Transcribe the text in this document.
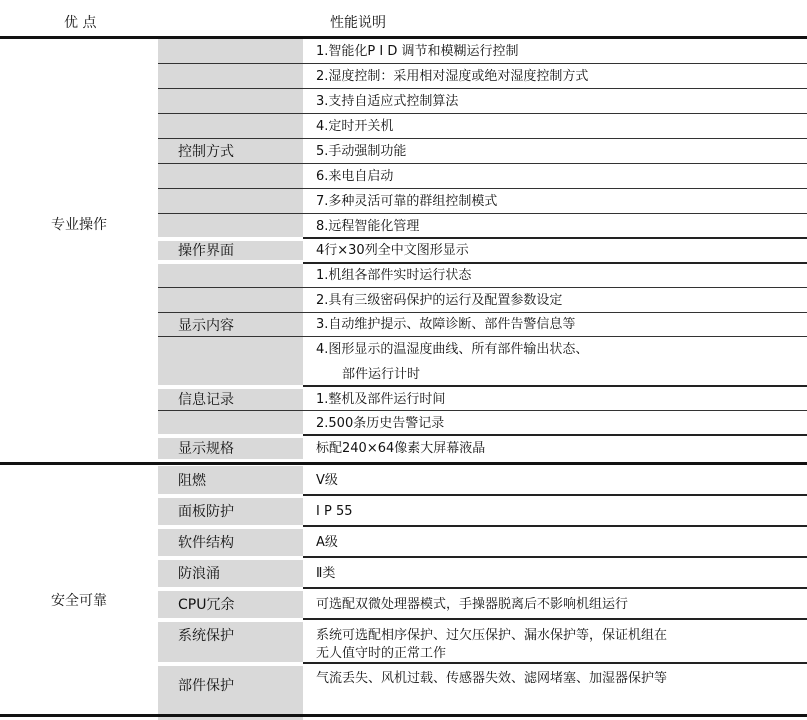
优 点	性能说明
专业操作
安全可靠
控制方式
操作界面
显示内容
信息记录
显示规格
阻燃
面板防护
软件结构
防浪涌
CPU冗余
系统保护
部件保护
1.智能化P I D 调节和模糊运行控制
2.湿度控制：采用相对湿度或绝对湿度控制方式
3.支持自适应式控制算法
4.定时开关机
5.手动强制功能
6.来电自启动
7.多种灵活可靠的群组控制模式
8.远程智能化管理
4行×30列全中文图形显示
1.机组各部件实时运行状态
2.具有三级密码保护的运行及配置参数设定
3.自动维护提示、故障诊断、部件告警信息等
4.图形显示的温湿度曲线、所有部件输出状态、
部件运行计时
1.整机及部件运行时间
2.500条历史告警记录
标配240×64像素大屏幕液晶
V级
I P 55
A级
Ⅱ类
可选配双微处理器模式，手操器脱离后不影响机组运行
系统可选配相序保护、过欠压保护、漏水保护等，保证机组在
无人值守时的正常工作
气流丢失、风机过载、传感器失效、滤网堵塞、加湿器保护等
